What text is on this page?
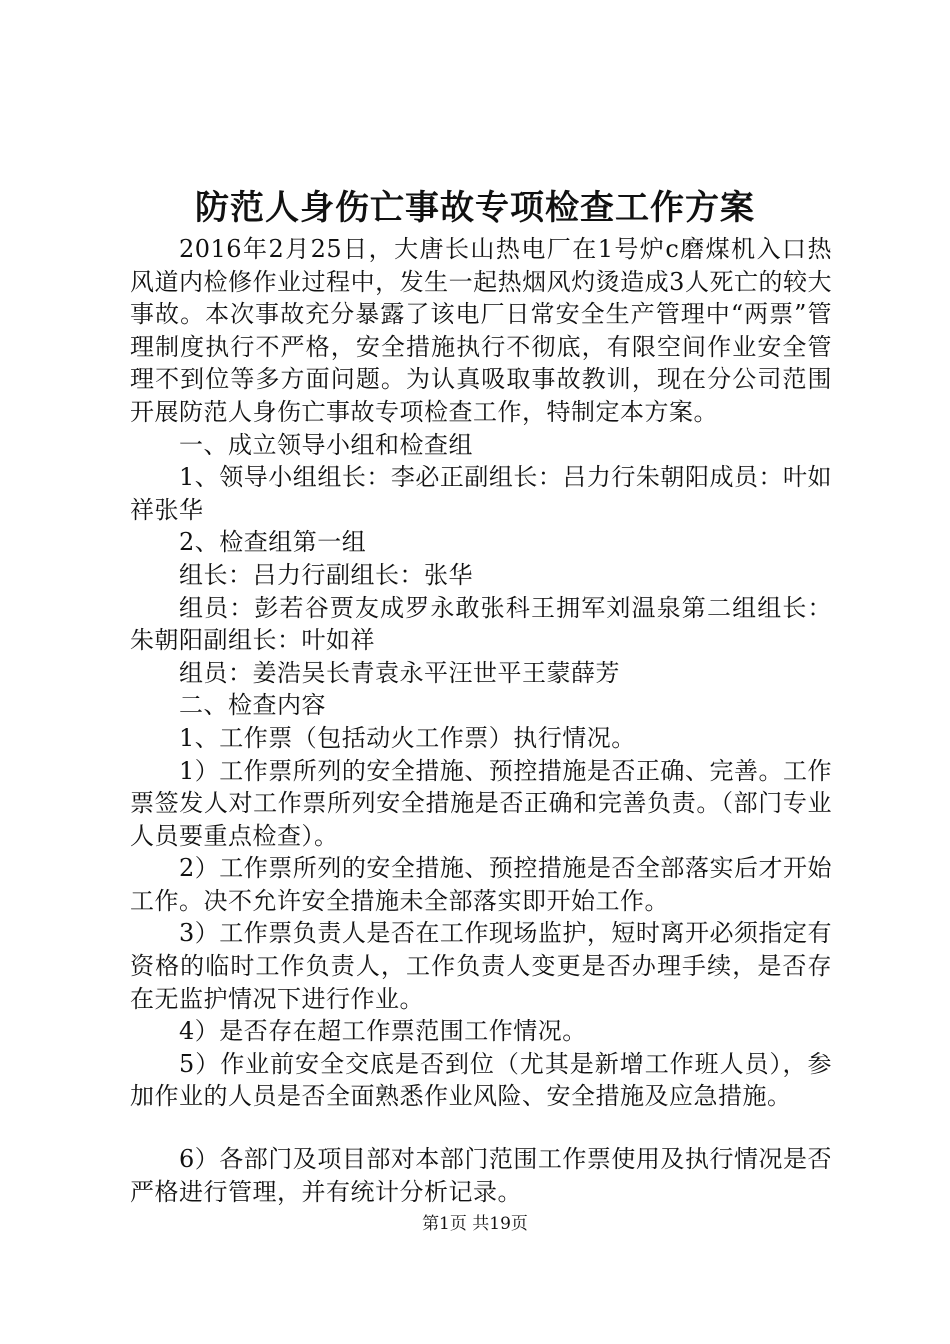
防范人身伤亡事故专项检查工作方案

2016年2月25日，大唐长山热电厂在1号炉c磨煤机入口热风道内检修作业过程中，发生一起热烟风灼烫造成3人死亡的较大事故。本次事故充分暴露了该电厂日常安全生产管理中“两票”管理制度执行不严格，安全措施执行不彻底，有限空间作业安全管理不到位等多方面问题。为认真吸取事故教训，现在分公司范围开展防范人身伤亡事故专项检查工作，特制定本方案。

一、成立领导小组和检查组

1、领导小组组长：李必正副组长：吕力行朱朝阳成员：叶如祥张华

2、检查组第一组

组长：吕力行副组长：张华

组员：彭若谷贾友成罗永敢张科王拥军刘温泉第二组组长：朱朝阳副组长：叶如祥

组员：姜浩吴长青袁永平汪世平王蒙薛芳

二、检查内容

1、工作票（包括动火工作票）执行情况。

1）工作票所列的安全措施、预控措施是否正确、完善。工作票签发人对工作票所列安全措施是否正确和完善负责。（部门专业人员要重点检查）。

2）工作票所列的安全措施、预控措施是否全部落实后才开始工作。决不允许安全措施未全部落实即开始工作。

3）工作票负责人是否在工作现场监护，短时离开必须指定有资格的临时工作负责人，工作负责人变更是否办理手续，是否存在无监护情况下进行作业。

4）是否存在超工作票范围工作情况。

5）作业前安全交底是否到位（尤其是新增工作班人员），参加作业的人员是否全面熟悉作业风险、安全措施及应急措施。

6）各部门及项目部对本部门范围工作票使用及执行情况是否严格进行管理，并有统计分析记录。

第1页 共19页
